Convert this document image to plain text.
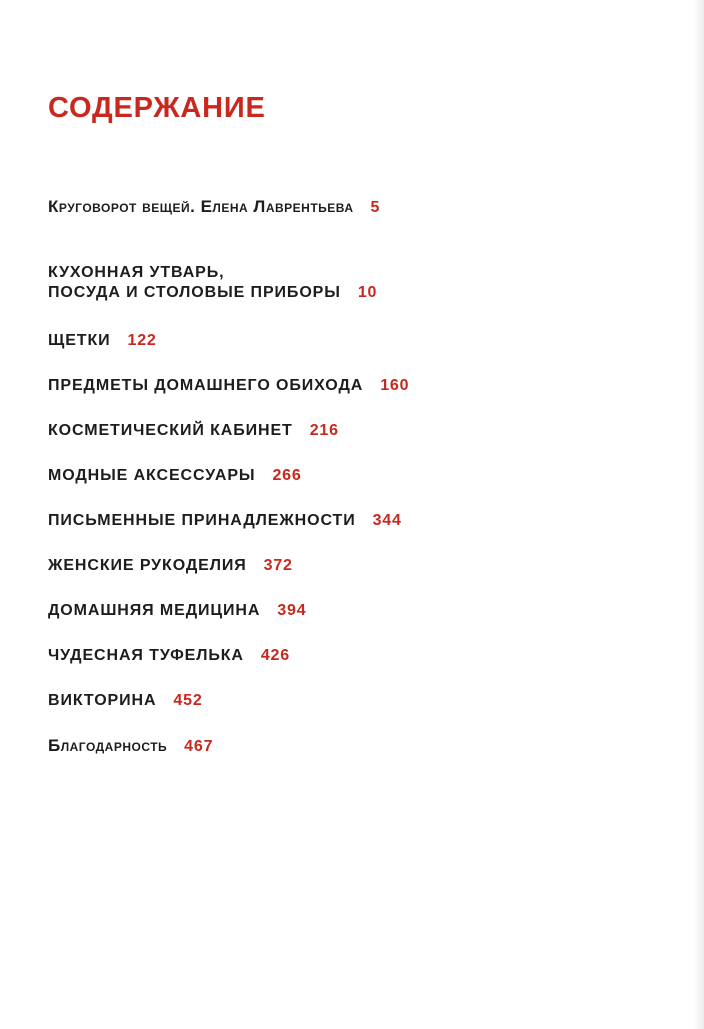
СОДЕРЖАНИЕ
Круговорот вещей. Елена Лаврентьева 5
КУХОННАЯ УТВАРЬ,
ПОСУДА И СТОЛОВЫЕ ПРИБОРЫ 10
ЩЕТКИ 122
ПРЕДМЕТЫ ДОМАШНЕГО ОБИХОДА 160
КОСМЕТИЧЕСКИЙ КАБИНЕТ 216
МОДНЫЕ АКСЕССУАРЫ 266
ПИСЬМЕННЫЕ ПРИНАДЛЕЖНОСТИ 344
ЖЕНСКИЕ РУКОДЕЛИЯ 372
ДОМАШНЯЯ МЕДИЦИНА 394
ЧУДЕСНАЯ ТУФЕЛЬКА 426
ВИКТОРИНА 452
Благодарность 467
